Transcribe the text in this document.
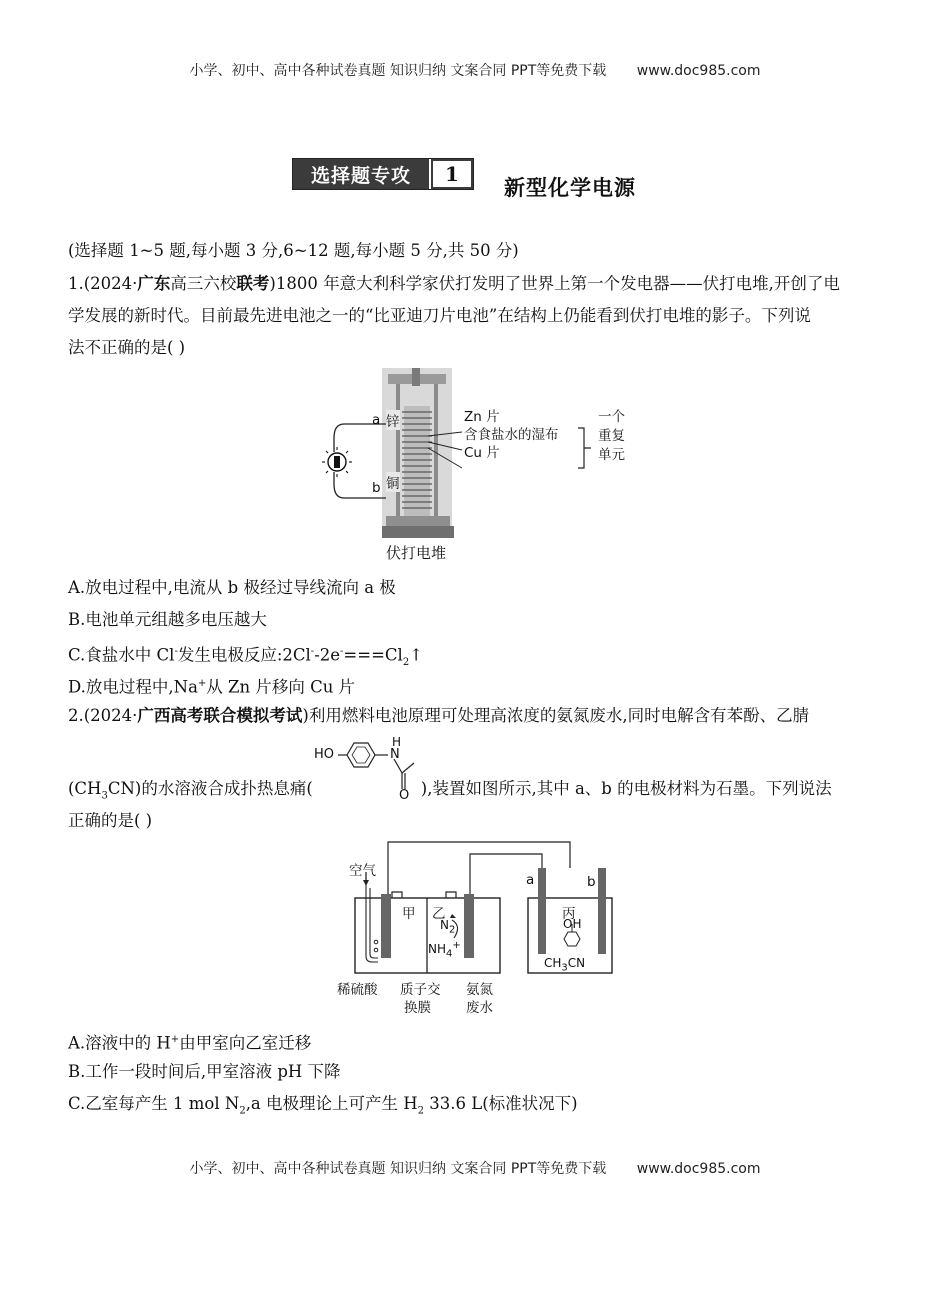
小学、初中、高中各种试卷真题 知识归纳 文案合同 PPT等免费下载 www.doc985.com
选择题专攻	1
新型化学电源
(选择题 1~5 题,每小题 3 分,6~12 题,每小题 5 分,共 50 分)
1.(2024·广东高三六校联考)1800 年意大利科学家伏打发明了世界上第一个发电器——伏打电堆,开创了电
学发展的新时代。目前最先进电池之一的“比亚迪刀片电池”在结构上仍能看到伏打电堆的影子。下列说
法不正确的是( )
a 锌
b 铜
Zn 片
含食盐水的湿布
Cu 片
一个
重复
单元
伏打电堆
A.放电过程中,电流从 b 极经过导线流向 a 极
B.电池单元组越多电压越大
C.食盐水中 Cl-发生电极反应$:2Cl^--2e^-===Cl_2↑$
D.放电过程中,Na+从 Zn 片移向 Cu 片
2.(2024·广西高考联合模拟考试)利用燃料电池原理可处理高浓度的氨氮废水,同时电解含有苯酚、乙腈
HO
H
N
O
$(CH_3CN)$的水溶液合成扑热息痛(	),装置如图所示,其中 a、b 的电极材料为石墨。下列说法
正确的是( )
空气
甲 乙
$N_2$
$NH_4^+$
a	b
丙
OH
$CH_3CN$
稀硫酸 质子交
换膜
氨氮
废水
A.溶液中的 H+由甲室向乙室迁移
B.工作一段时间后,甲室溶液 pH 下降
C.乙室每产生 1 mol $N_2,a$ 电极理论上可产生 $H_2$ 33.6 L(标准状况下)
小学、初中、高中各种试卷真题 知识归纳 文案合同 PPT等免费下载 www.doc985.com
